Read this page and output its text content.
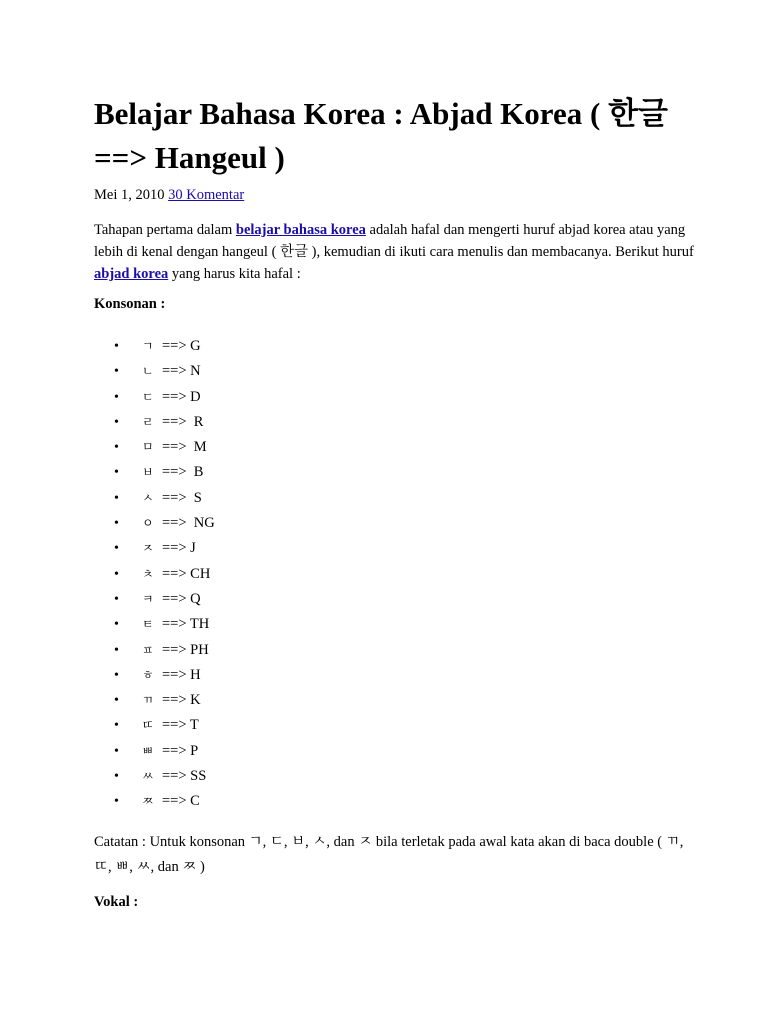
Belajar Bahasa Korea : Abjad Korea ( 한글 ==> Hangeul )
Mei 1, 2010 30 Komentar

Tahapan pertama dalam belajar bahasa korea adalah hafal dan mengerti huruf abjad korea atau yang lebih di kenal dengan hangeul ( 한글 ), kemudian di ikuti cara menulis dan membacanya. Berikut huruf abjad korea yang harus kita hafal :

Konsonan :
• ㄱ ==> G
• ㄴ ==> N
• ㄷ ==> D
• ㄹ ==>  R
• ㅁ ==>  M
• ㅂ ==>  B
• ㅅ ==>  S
• ㅇ ==>  NG
• ㅈ ==> J
• ㅊ ==> CH
• ㅋ ==> Q
• ㅌ ==> TH
• ㅍ ==> PH
• ㅎ ==> H
• ㄲ ==> K
• ㄸ ==> T
• ㅃ ==> P
• ㅆ ==> SS
• ㅉ ==> C

Catatan : Untuk konsonan ㄱ, ㄷ, ㅂ, ㅅ, dan ㅈ bila terletak pada awal kata akan di baca double ( ㄲ, ㄸ, ㅃ, ㅆ, dan ㅉ )

Vokal :
